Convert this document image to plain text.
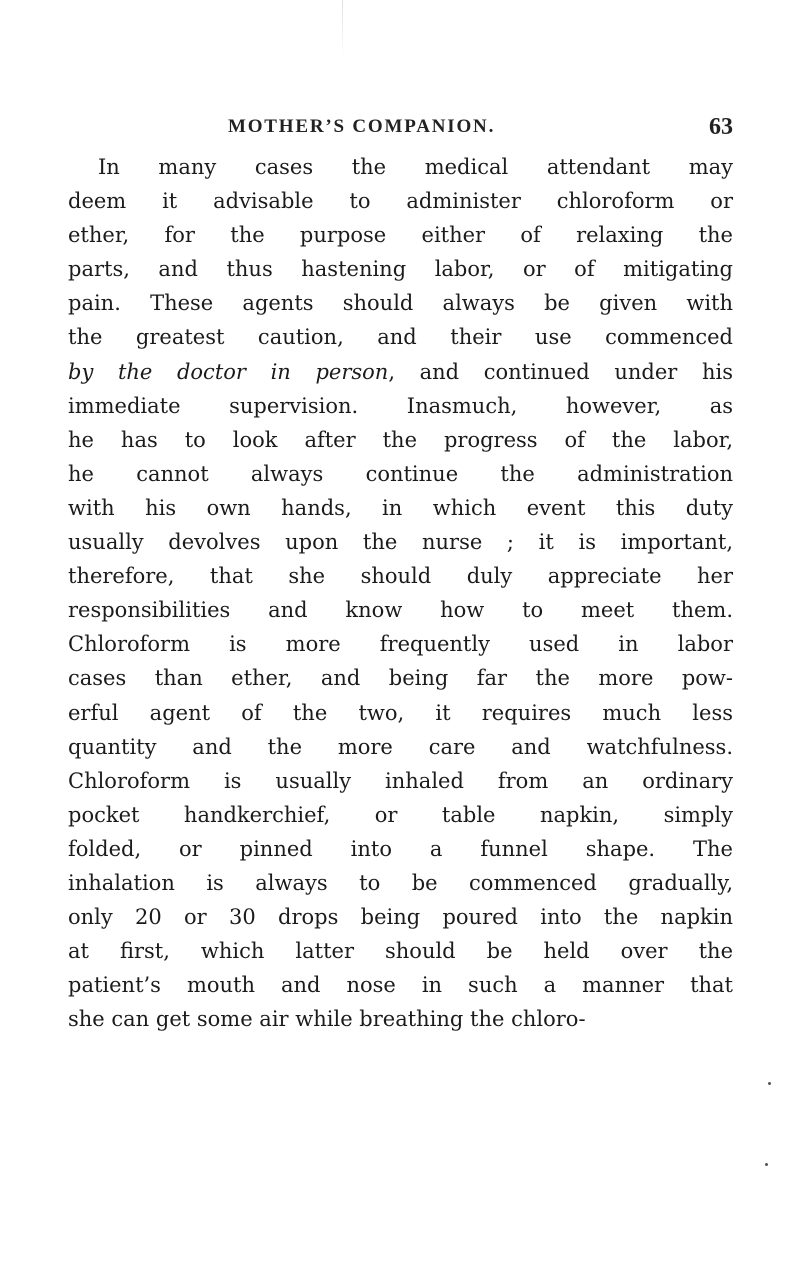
MOTHER’S COMPANION.	63
In many cases the medical attendant may
deem it advisable to administer chloroform or
ether, for the purpose either of relaxing the
parts, and thus hastening labor, or of mitigating
pain. These agents should always be given with
the greatest caution, and their use commenced
by the doctor in person, and continued under his
immediate supervision. Inasmuch, however, as
he has to look after the progress of the labor,
he cannot always continue the administration
with his own hands, in which event this duty
usually devolves upon the nurse ; it is important,
therefore, that she should duly appreciate her
responsibilities and know how to meet them.
Chloroform is more frequently used in labor
cases than ether, and being far the more pow-
erful agent of the two, it requires much less
quantity and the more care and watchfulness.
Chloroform is usually inhaled from an ordinary
pocket handkerchief, or table napkin, simply
folded, or pinned into a funnel shape. The
inhalation is always to be commenced gradually,
only 20 or 30 drops being poured into the napkin
at first, which latter should be held over the
patient’s mouth and nose in such a manner that
she can get some air while breathing the chloro-
